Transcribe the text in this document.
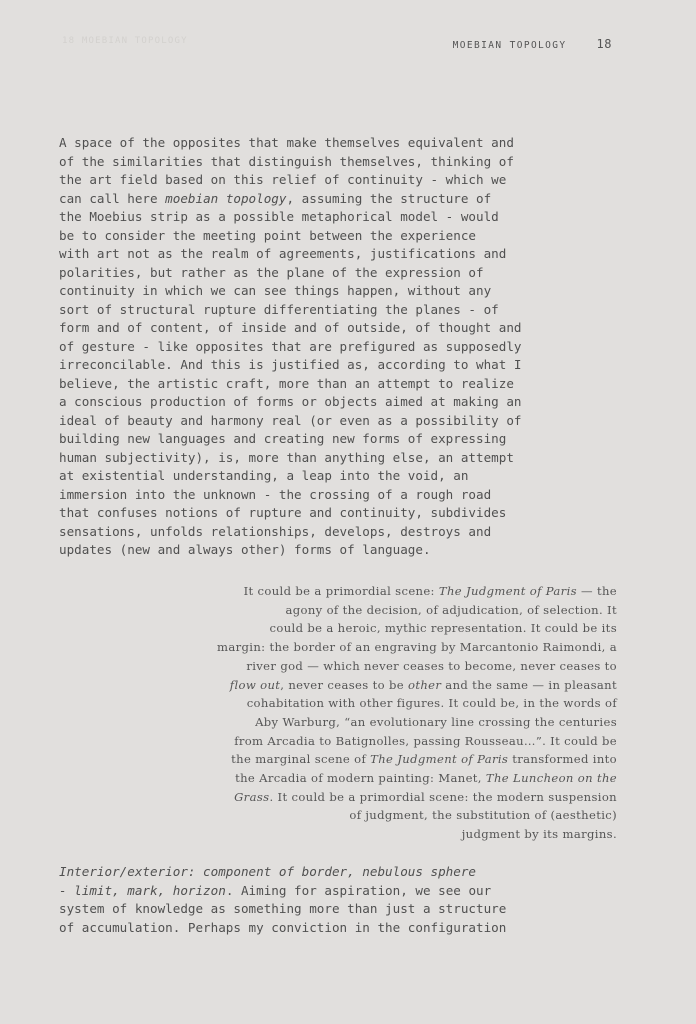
18 MOEBIAN TOPOLOGY	MOEBIAN TOPOLOGY	18
A space of the opposites that make themselves equivalent and
of the similarities that distinguish themselves, thinking of
the art field based on this relief of continuity - which we
can call here moebian topology, assuming the structure of
the Moebius strip as a possible metaphorical model - would
be to consider the meeting point between the experience
with art not as the realm of agreements, justifications and
polarities, but rather as the plane of the expression of
continuity in which we can see things happen, without any
sort of structural rupture differentiating the planes - of
form and of content, of inside and of outside, of thought and
of gesture - like opposites that are prefigured as supposedly
irreconcilable. And this is justified as, according to what I
believe, the artistic craft, more than an attempt to realize
a conscious production of forms or objects aimed at making an
ideal of beauty and harmony real (or even as a possibility of
building new languages and creating new forms of expressing
human subjectivity), is, more than anything else, an attempt
at existential understanding, a leap into the void, an
immersion into the unknown - the crossing of a rough road
that confuses notions of rupture and continuity, subdivides
sensations, unfolds relationships, develops, destroys and
updates (new and always other) forms of language.
It could be a primordial scene: The Judgment of Paris — the
agony of the decision, of adjudication, of selection. It
could be a heroic, mythic representation. It could be its
margin: the border of an engraving by Marcantonio Raimondi, a
river god — which never ceases to become, never ceases to
flow out, never ceases to be other and the same — in pleasant
cohabitation with other figures. It could be, in the words of
Aby Warburg, “an evolutionary line crossing the centuries
from Arcadia to Batignolles, passing Rousseau…”. It could be
the marginal scene of The Judgment of Paris transformed into
the Arcadia of modern painting: Manet, The Luncheon on the
Grass. It could be a primordial scene: the modern suspension
of judgment, the substitution of (aesthetic)
judgment by its margins.
Interior/exterior: component of border, nebulous sphere
- limit, mark, horizon. Aiming for aspiration, we see our
system of knowledge as something more than just a structure
of accumulation. Perhaps my conviction in the configuration
